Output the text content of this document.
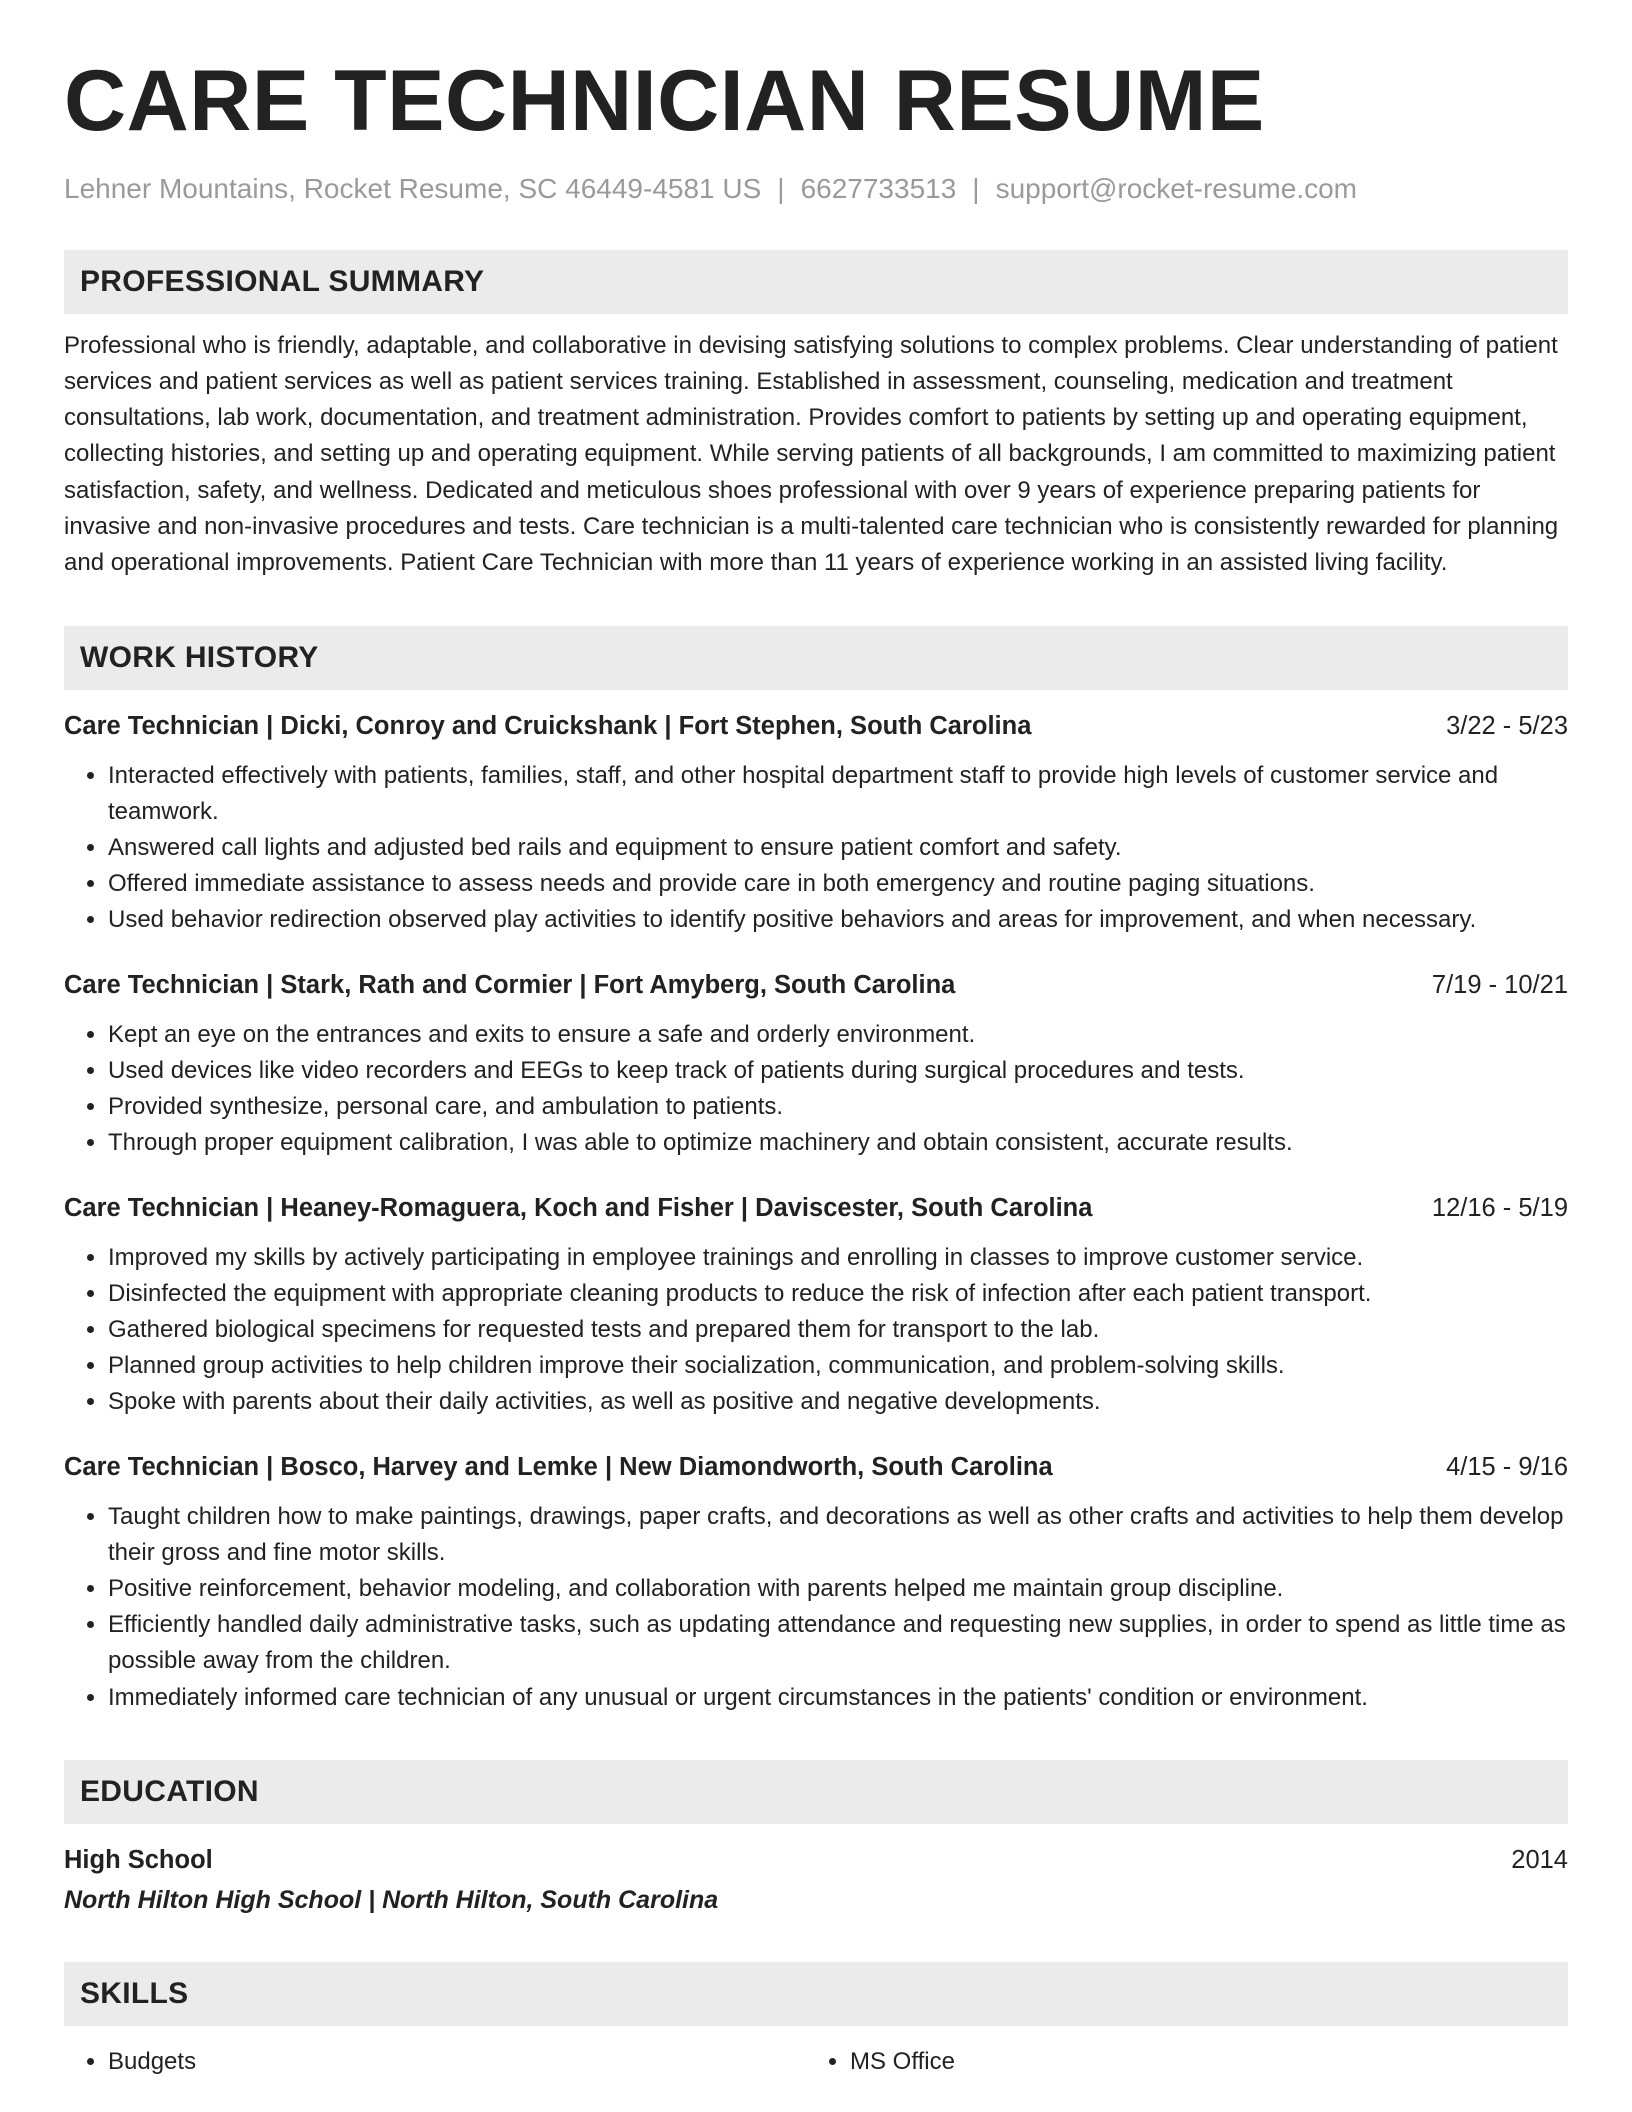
CARE TECHNICIAN RESUME
Lehner Mountains, Rocket Resume, SC 46449-4581 US | 6627733513 | support@rocket-resume.com
PROFESSIONAL SUMMARY
Professional who is friendly, adaptable, and collaborative in devising satisfying solutions to complex problems. Clear understanding of patient services and patient services as well as patient services training. Established in assessment, counseling, medication and treatment consultations, lab work, documentation, and treatment administration. Provides comfort to patients by setting up and operating equipment, collecting histories, and setting up and operating equipment. While serving patients of all backgrounds, I am committed to maximizing patient satisfaction, safety, and wellness. Dedicated and meticulous shoes professional with over 9 years of experience preparing patients for invasive and non-invasive procedures and tests. Care technician is a multi-talented care technician who is consistently rewarded for planning and operational improvements. Patient Care Technician with more than 11 years of experience working in an assisted living facility.
WORK HISTORY
Care Technician | Dicki, Conroy and Cruickshank | Fort Stephen, South Carolina	3/22 - 5/23
• Interacted effectively with patients, families, staff, and other hospital department staff to provide high levels of customer service and teamwork.
• Answered call lights and adjusted bed rails and equipment to ensure patient comfort and safety.
• Offered immediate assistance to assess needs and provide care in both emergency and routine paging situations.
• Used behavior redirection observed play activities to identify positive behaviors and areas for improvement, and when necessary.
Care Technician | Stark, Rath and Cormier | Fort Amyberg, South Carolina	7/19 - 10/21
• Kept an eye on the entrances and exits to ensure a safe and orderly environment.
• Used devices like video recorders and EEGs to keep track of patients during surgical procedures and tests.
• Provided synthesize, personal care, and ambulation to patients.
• Through proper equipment calibration, I was able to optimize machinery and obtain consistent, accurate results.
Care Technician | Heaney-Romaguera, Koch and Fisher | Daviscester, South Carolina	12/16 - 5/19
• Improved my skills by actively participating in employee trainings and enrolling in classes to improve customer service.
• Disinfected the equipment with appropriate cleaning products to reduce the risk of infection after each patient transport.
• Gathered biological specimens for requested tests and prepared them for transport to the lab.
• Planned group activities to help children improve their socialization, communication, and problem-solving skills.
• Spoke with parents about their daily activities, as well as positive and negative developments.
Care Technician | Bosco, Harvey and Lemke | New Diamondworth, South Carolina	4/15 - 9/16
• Taught children how to make paintings, drawings, paper crafts, and decorations as well as other crafts and activities to help them develop their gross and fine motor skills.
• Positive reinforcement, behavior modeling, and collaboration with parents helped me maintain group discipline.
• Efficiently handled daily administrative tasks, such as updating attendance and requesting new supplies, in order to spend as little time as possible away from the children.
• Immediately informed care technician of any unusual or urgent circumstances in the patients' condition or environment.
EDUCATION
High School	2014
North Hilton High School | North Hilton, South Carolina
SKILLS
• Budgets
•	MS Office
